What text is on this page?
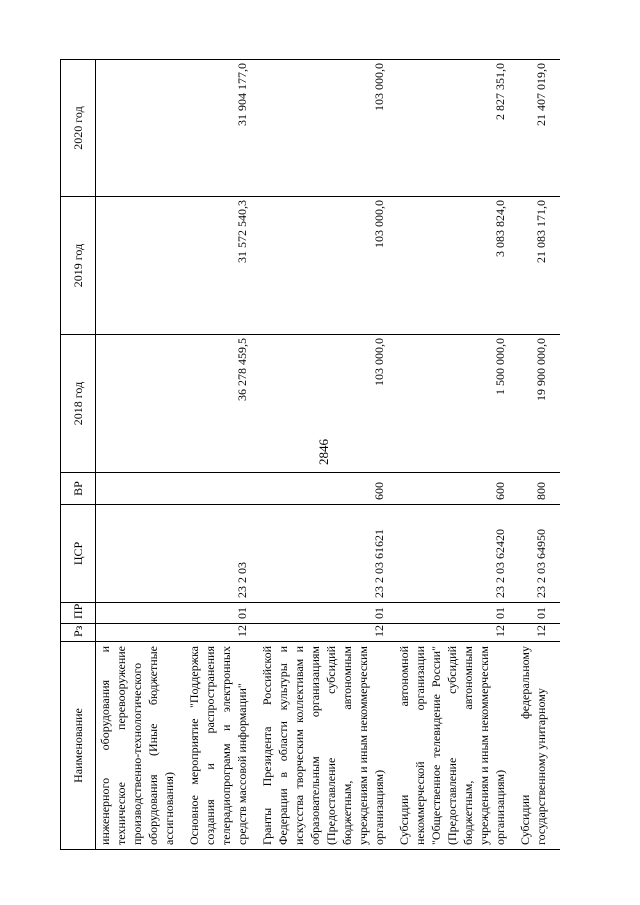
2846
Наименование	Рз	ПР	ЦСР	ВР	2018 год	2019 год	2020 год
инженерного оборудования и техническое перевооружение производственно-технологического оборудования (Иные бюджетные ассигнования)							

Основное мероприятие "Поддержка создания и распространения телерадиопрограмм и электронных средств массовой информации"	12	01	23 2 03		36 278 459,5	31 572 540,3	31 904 177,0

Гранты Президента Российской Федерации в области культуры и искусства творческим коллективам и образовательным организациям (Предоставление субсидий бюджетным, автономным учреждениям и иным некоммерческим организациям)	12	01	23 2 03 61621	600	103 000,0	103 000,0	103 000,0

Субсидии автономной некоммерческой организации "Общественное телевидение России" (Предоставление субсидий бюджетным, автономным учреждениям и иным некоммерческим организациям)	12	01	23 2 03 62420	600	1 500 000,0	3 083 824,0	2 827 351,0

Субсидии федеральному государственному унитарному	12	01	23 2 03 64950	800	19 900 000,0	21 083 171,0	21 407 019,0
